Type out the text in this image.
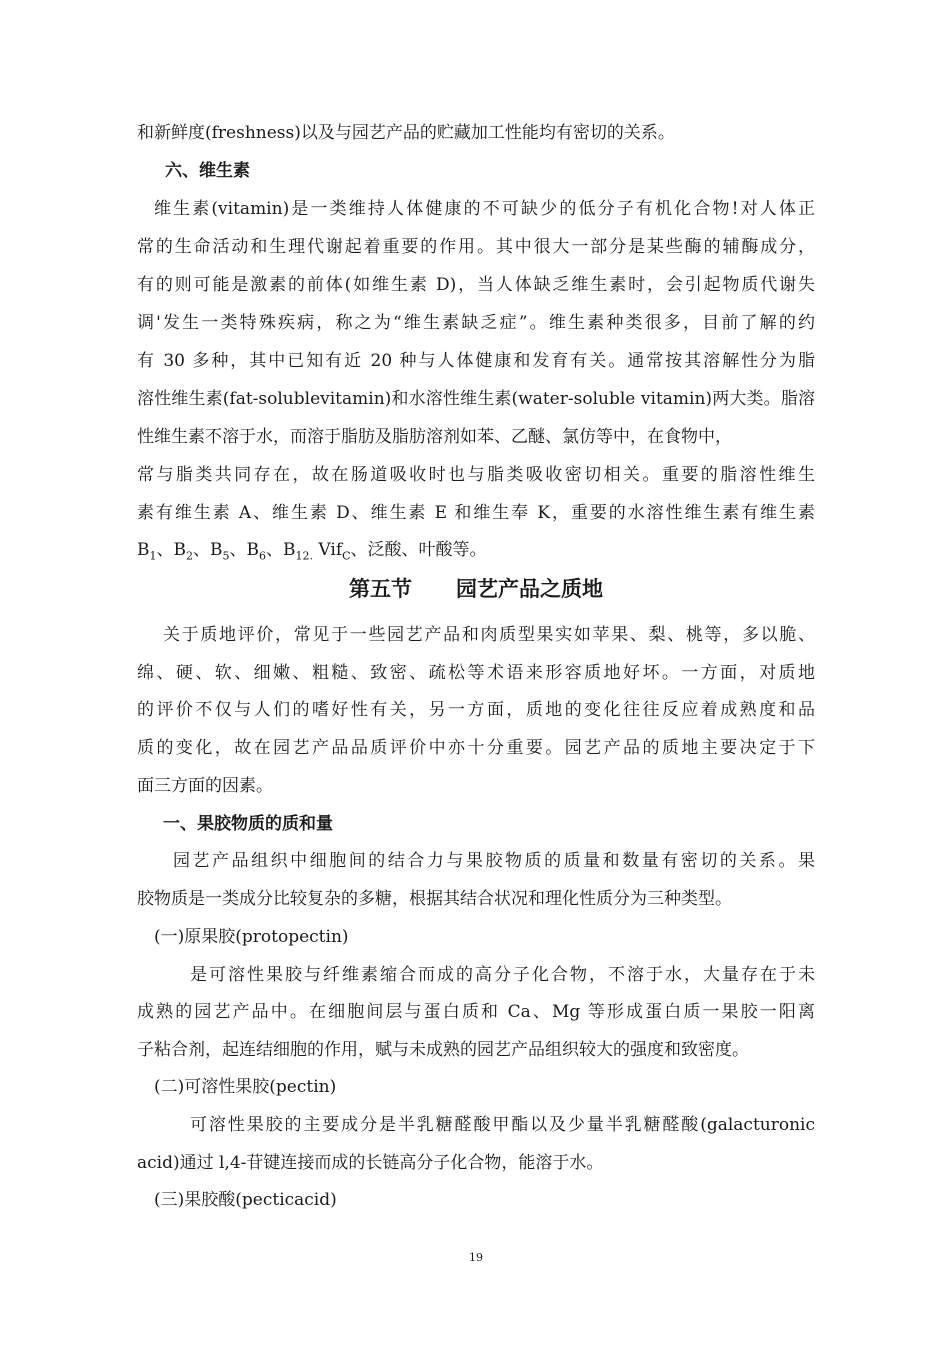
和新鲜度(freshness)以及与园艺产品的贮藏加工性能均有密切的关系。
六、维生素
维生素(vitamin)是一类维持人体健康的不可缺少的低分子有机化合物!对人体正
常的生命活动和生理代谢起着重要的作用。其中很大一部分是某些酶的辅酶成分，
有的则可能是激素的前体(如维生素 D)，当人体缺乏维生素时，会引起物质代谢失
调'发生一类特殊疾病，称之为“维生素缺乏症”。维生素种类很多，目前了解的约
有 30 多种，其中已知有近 20 种与人体健康和发育有关。通常按其溶解性分为脂
溶性维生素(fat-solublevitamin)和水溶性维生素(water-soluble vitamin)两大类。脂溶
性维生素不溶于水，而溶于脂肪及脂肪溶剂如苯、乙醚、氯仿等中，在食物中，
常与脂类共同存在，故在肠道吸收时也与脂类吸收密切相关。重要的脂溶性维生
素有维生素 A、维生素 D、维生素 E 和维生奉 K，重要的水溶性维生素有维生素
$B_1$、$B_2$、$B_5$、$B_6$、$B_{12.}$ Vif$_C$、泛酸、叶酸等。
第五节 园艺产品之质地
关于质地评价，常见于一些园艺产品和肉质型果实如苹果、梨、桃等，多以脆、
绵、硬、软、细嫩、粗糙、致密、疏松等术语来形容质地好坏。一方面，对质地
的评价不仅与人们的嗜好性有关，另一方面，质地的变化往往反应着成熟度和品
质的变化，故在园艺产品品质评价中亦十分重要。园艺产品的质地主要决定于下
面三方面的因素。
一、果胶物质的质和量
园艺产品组织中细胞间的结合力与果胶物质的质量和数量有密切的关系。果
胶物质是一类成分比较复杂的多糖，根据其结合状况和理化性质分为三种类型。
(一)原果胶(protopectin)
是可溶性果胶与纤维素缩合而成的高分子化合物，不溶于水，大量存在于未
成熟的园艺产品中。在细胞间层与蛋白质和 Ca、Mg 等形成蛋白质一果胶一阳离
子粘合剂，起连结细胞的作用，赋与未成熟的园艺产品组织较大的强度和致密度。
(二)可溶性果胶(pectin)
可溶性果胶的主要成分是半乳糖醛酸甲酯以及少量半乳糖醛酸(galacturonic
acid)通过 l,4-苷键连接而成的长链高分子化合物，能溶于水。
(三)果胶酸(pecticacid)
19
